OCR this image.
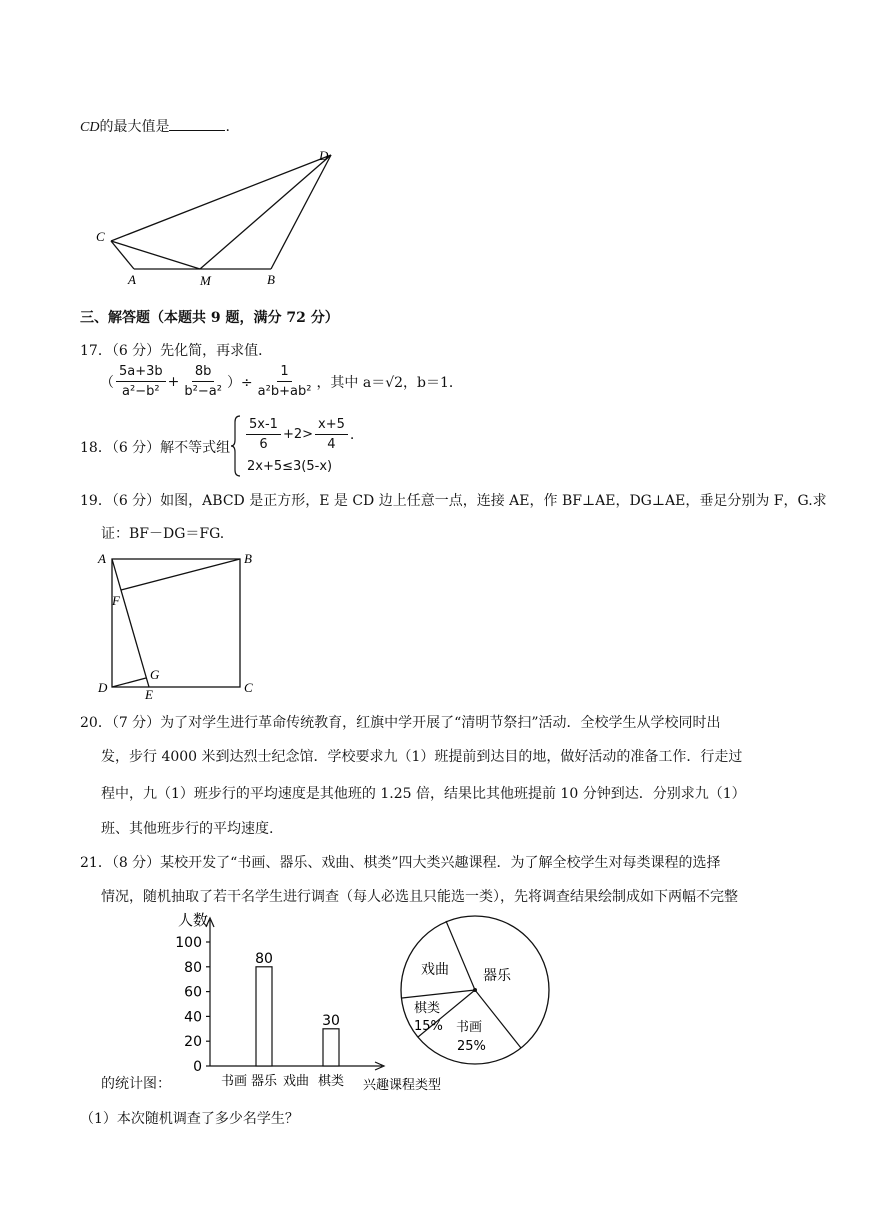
CD的最大值是	.
C
D
A	M	B
三、解答题（本题共 9 题，满分 72 分）
17．（6 分）先化简，再求值．
（ $\frac{5a+3b}{\text{a²−b²}} + \frac{8b}{\text{b²−a²}}$ ）÷ $\frac{1}{\text{a²b+ab²}}$ ，其中 a＝√2，b＝1．
18．（6 分）解不等式组 $\frac{5x-1}{6} +2> \frac{x+5}{4}$ .
2x+5≤3(5-x)
19．（6 分）如图，ABCD 是正方形，E 是 CD 边上任意一点，连接 AE，作 BF⊥AE，DG⊥AE，垂足分别为 F，G.求
证：BF－DG＝FG.
A	B
F
G
D	E	C
20．（7 分）为了对学生进行革命传统教育，红旗中学开展了“清明节祭扫”活动．全校学生从学校同时出
发，步行 4000 米到达烈士纪念馆．学校要求九（1）班提前到达目的地，做好活动的准备工作．行走过
程中，九（1）班步行的平均速度是其他班的 1.25 倍，结果比其他班提前 10 分钟到达．分别求九（1）
班、其他班步行的平均速度.
21．（8 分）某校开发了“书画、器乐、戏曲、棋类”四大类兴趣课程．为了解全校学生对每类课程的选择
情况，随机抽取了若干名学生进行调查（每人必选且只能选一类），先将调查结果绘制成如下两幅不完整
人数
兴趣课程类型
0
20
40
60
80
100
书画 器乐 戏曲 棋类
80
30
戏曲 器乐
棋类
15% 书画
25%
的统计图：
（1）本次随机调查了多少名学生？
